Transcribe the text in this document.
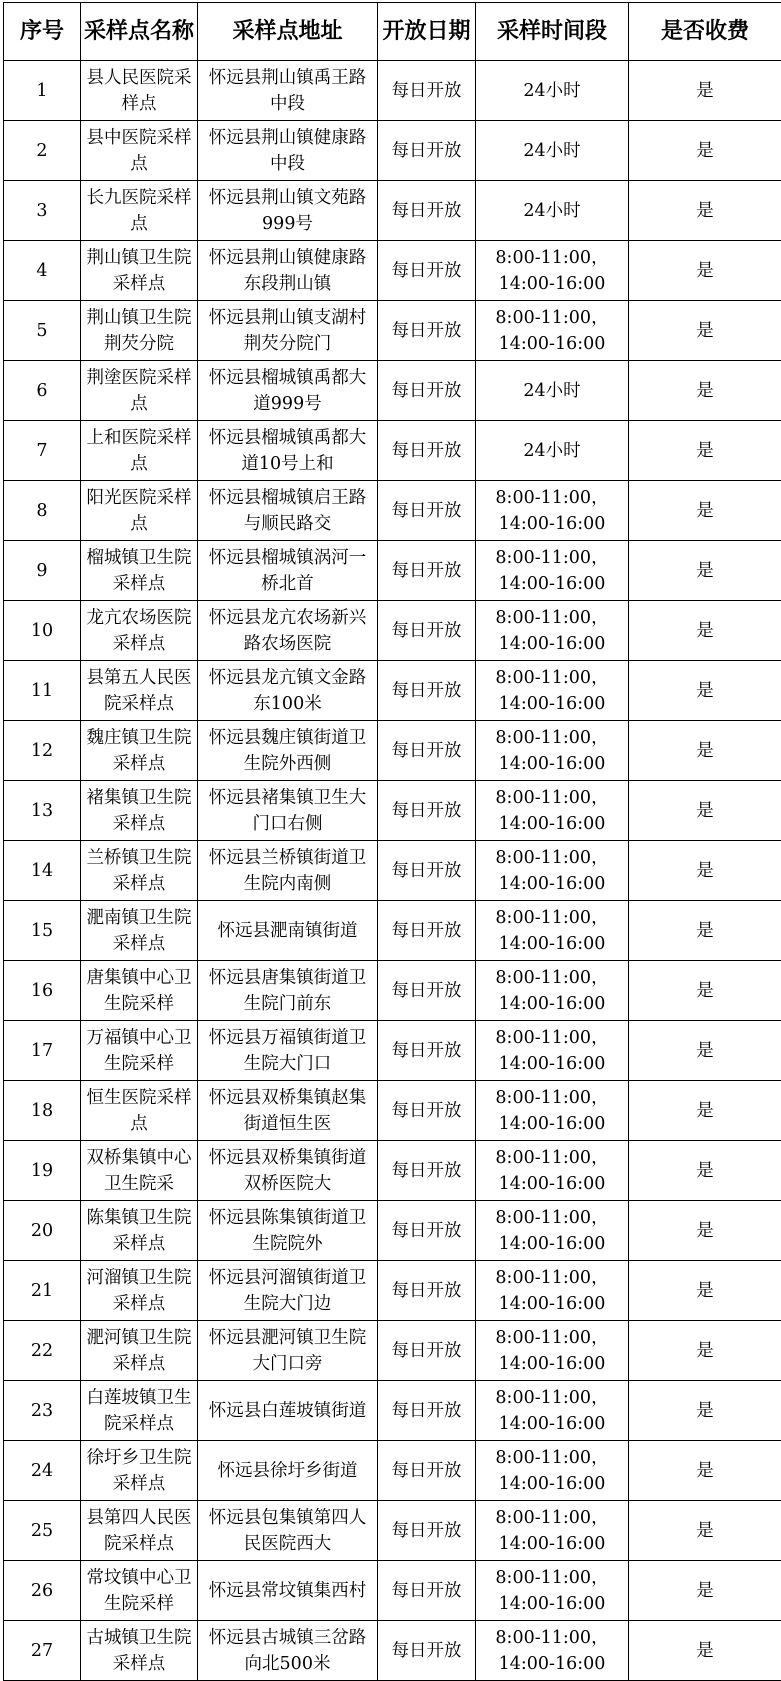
序号	采样点名称	采样点地址	开放日期	采样时间段	是否收费
1	县人民医院采样点	怀远县荆山镇禹王路中段	每日开放	24小时	是
2	县中医院采样点	怀远县荆山镇健康路中段	每日开放	24小时	是
3	长九医院采样点	怀远县荆山镇文苑路999号	每日开放	24小时	是
4	荆山镇卫生院采样点	怀远县荆山镇健康路东段荆山镇	每日开放	8:00-11:00，
14:00-16:00	是
5	荆山镇卫生院荆芡分院	怀远县荆山镇支湖村荆芡分院门	每日开放	8:00-11:00，
14:00-16:00	是
6	荆塗医院采样点	怀远县榴城镇禹都大道999号	每日开放	24小时	是
7	上和医院采样点	怀远县榴城镇禹都大道10号上和	每日开放	24小时	是
8	阳光医院采样点	怀远县榴城镇启王路与顺民路交	每日开放	8:00-11:00，
14:00-16:00	是
9	榴城镇卫生院采样点	怀远县榴城镇涡河一桥北首	每日开放	8:00-11:00，
14:00-16:00	是
10	龙亢农场医院采样点	怀远县龙亢农场新兴路农场医院	每日开放	8:00-11:00，
14:00-16:00	是
11	县第五人民医院采样点	怀远县龙亢镇文金路东100米	每日开放	8:00-11:00，
14:00-16:00	是
12	魏庄镇卫生院采样点	怀远县魏庄镇街道卫生院外西侧	每日开放	8:00-11:00，
14:00-16:00	是
13	褚集镇卫生院采样点	怀远县褚集镇卫生大门口右侧	每日开放	8:00-11:00，
14:00-16:00	是
14	兰桥镇卫生院采样点	怀远县兰桥镇街道卫生院内南侧	每日开放	8:00-11:00，
14:00-16:00	是
15	淝南镇卫生院采样点	怀远县淝南镇街道	每日开放	8:00-11:00，
14:00-16:00	是
16	唐集镇中心卫生院采样	怀远县唐集镇街道卫生院门前东	每日开放	8:00-11:00，
14:00-16:00	是
17	万福镇中心卫生院采样	怀远县万福镇街道卫生院大门口	每日开放	8:00-11:00，
14:00-16:00	是
18	恒生医院采样点	怀远县双桥集镇赵集街道恒生医	每日开放	8:00-11:00，
14:00-16:00	是
19	双桥集镇中心卫生院采	怀远县双桥集镇街道双桥医院大	每日开放	8:00-11:00，
14:00-16:00	是
20	陈集镇卫生院采样点	怀远县陈集镇街道卫生院院外	每日开放	8:00-11:00，
14:00-16:00	是
21	河溜镇卫生院采样点	怀远县河溜镇街道卫生院大门边	每日开放	8:00-11:00，
14:00-16:00	是
22	淝河镇卫生院采样点	怀远县淝河镇卫生院大门口旁	每日开放	8:00-11:00，
14:00-16:00	是
23	白莲坡镇卫生院采样点	怀远县白莲坡镇街道	每日开放	8:00-11:00，
14:00-16:00	是
24	徐圩乡卫生院采样点	怀远县徐圩乡街道	每日开放	8:00-11:00，
14:00-16:00	是
25	县第四人民医院采样点	怀远县包集镇第四人民医院西大	每日开放	8:00-11:00，
14:00-16:00	是
26	常坟镇中心卫生院采样	怀远县常坟镇集西村	每日开放	8:00-11:00，
14:00-16:00	是
27	古城镇卫生院采样点	怀远县古城镇三岔路向北500米	每日开放	8:00-11:00，
14:00-16:00	是
